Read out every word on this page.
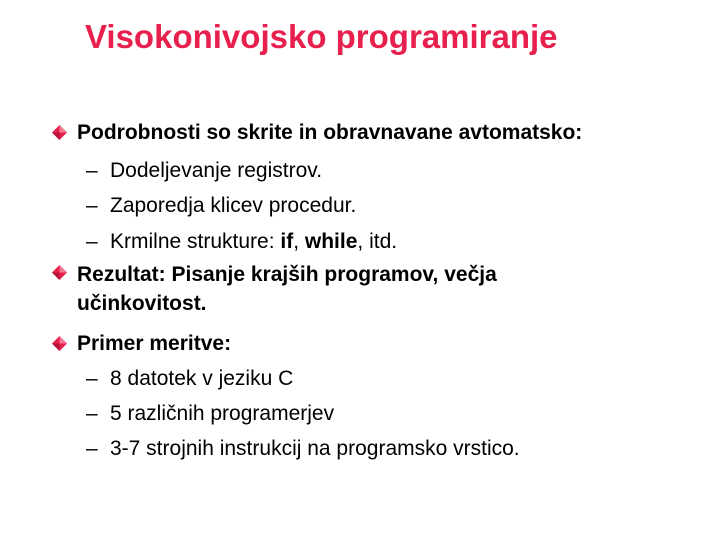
Visokonivojsko programiranje
Podrobnosti so skrite in obravnavane avtomatsko:
– Dodeljevanje registrov.
– Zaporedja klicev procedur.
– Krmilne strukture: if, while, itd.
Rezultat: Pisanje krajših programov, večja
učinkovitost.
Primer meritve:
– 8 datotek v jeziku C
– 5 različnih programerjev
– 3-7 strojnih instrukcij na programsko vrstico.
